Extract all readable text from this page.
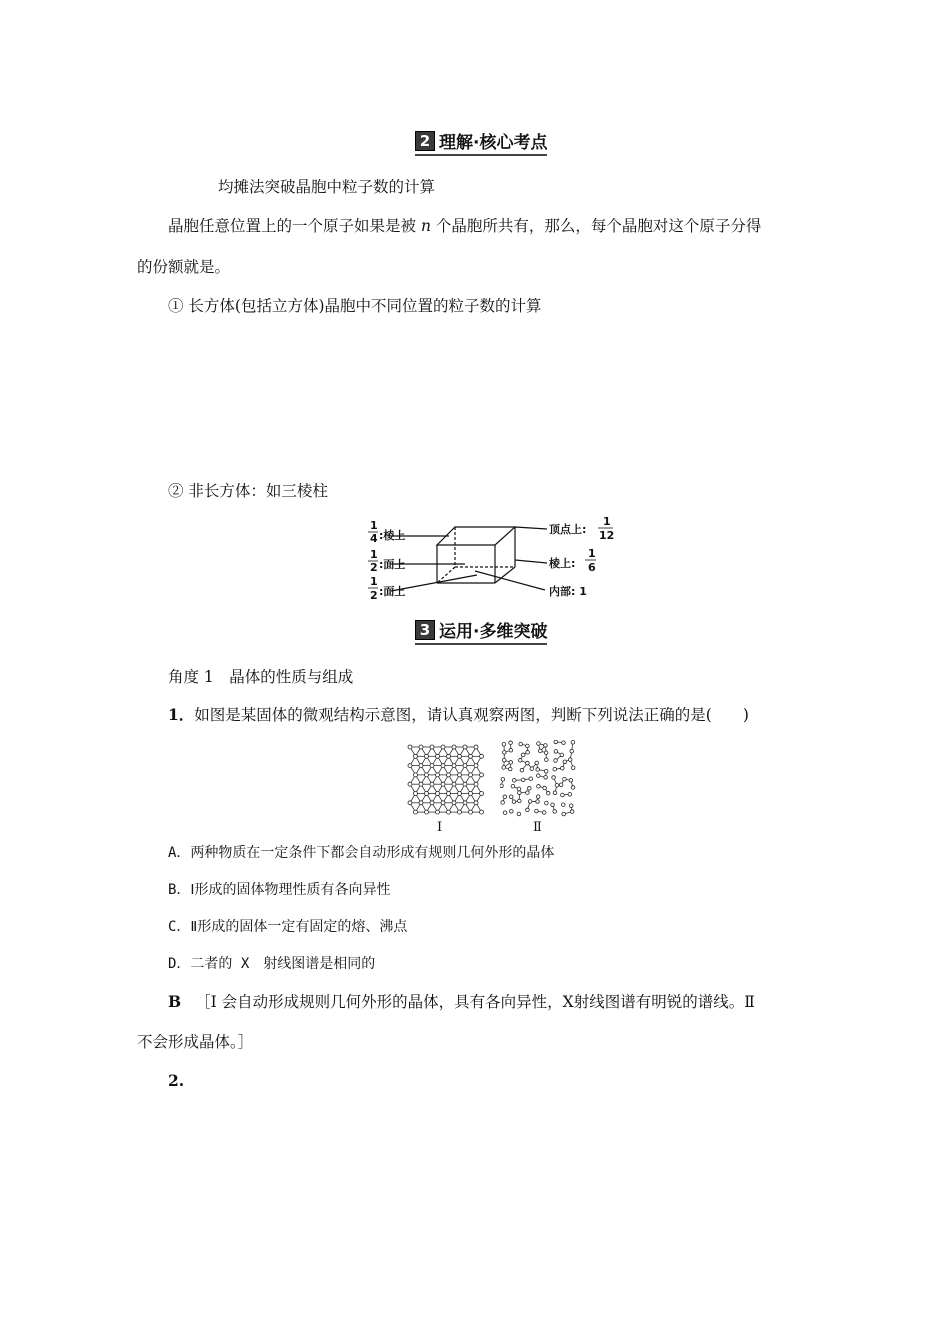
2 理解·核心考点
均摊法突破晶胞中粒子数的计算
晶胞任意位置上的一个原子如果是被 n 个晶胞所共有，那么，每个晶胞对这个原子分得
的份额就是。
① 长方体(包括立方体)晶胞中不同位置的粒子数的计算
② 非长方体：如三棱柱
1
4 :棱上
1
2 :面上
1
2 :面上
顶点上:
1
12
棱上:
1
6
内部: 1
3 运用·多维突破
角度 1　晶体的性质与组成
1．如图是某固体的微观结构示意图，请认真观察两图，判断下列说法正确的是(　　)
Ⅰ	Ⅱ
A．两种物质在一定条件下都会自动形成有规则几何外形的晶体
B．Ⅰ形成的固体物理性质有各向异性
C．Ⅱ形成的固体一定有固定的熔、沸点
D．二者的 X　射线图谱是相同的
B ［Ⅰ 会自动形成规则几何外形的晶体，具有各向异性，X射线图谱有明锐的谱线。Ⅱ
不会形成晶体。］
2.
